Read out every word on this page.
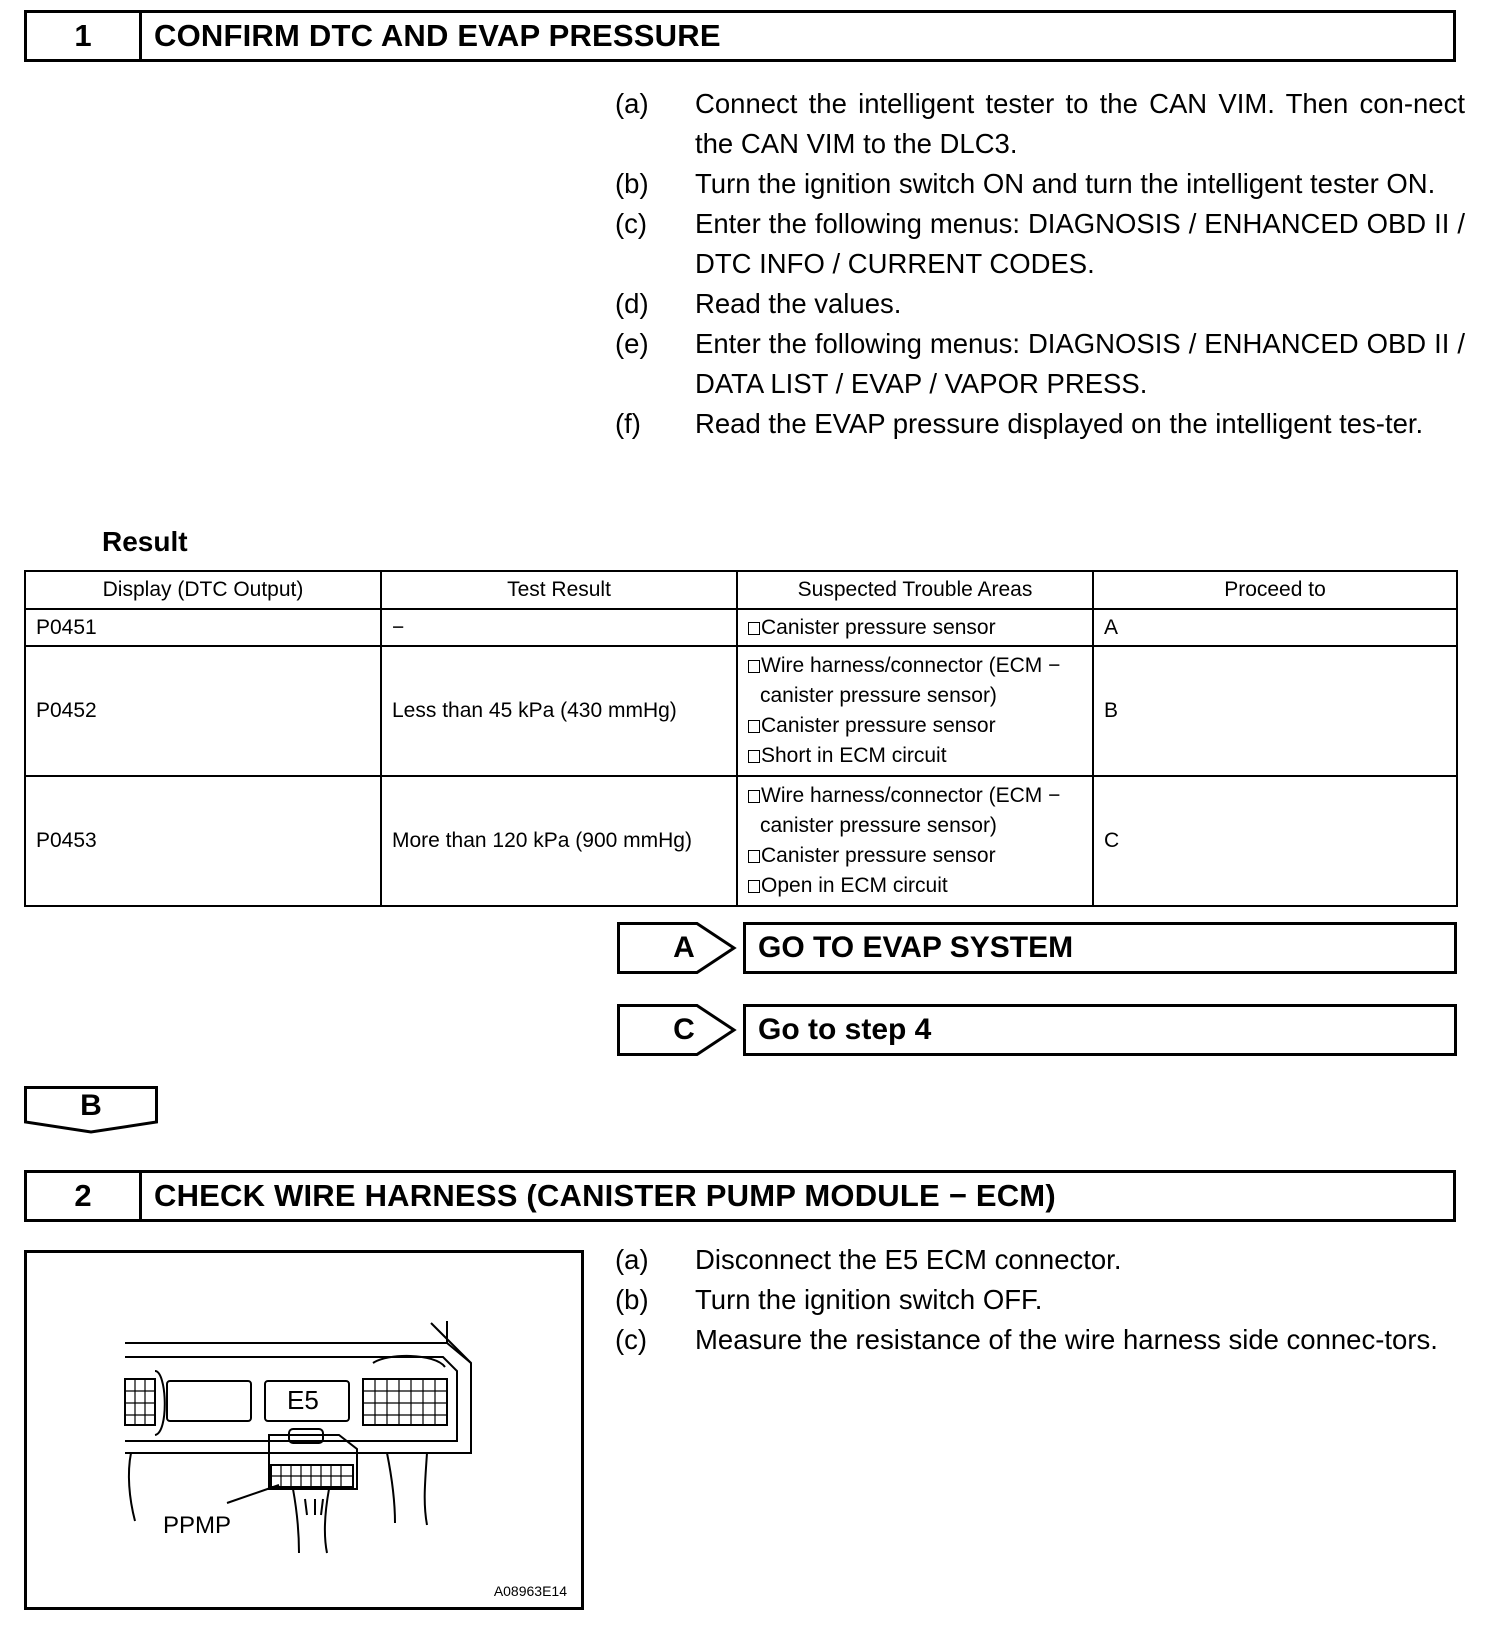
1	CONFIRM DTC AND EVAP PRESSURE
(a)	Connect the intelligent tester to the CAN VIM. Then con-nect the CAN VIM to the DLC3.
(b)	Turn the ignition switch ON and turn the intelligent tester ON.
(c)	Enter the following menus: DIAGNOSIS / ENHANCED OBD II / DTC INFO / CURRENT CODES.
(d)	Read the values.
(e)	Enter the following menus: DIAGNOSIS / ENHANCED OBD II / DATA LIST / EVAP / VAPOR PRESS.
(f)	Read the EVAP pressure displayed on the intelligent tes-ter.
Result
Display (DTC Output)	Test Result	Suspected Trouble Areas	Proceed to
P0451	−	Canister pressure sensor	A
P0452	Less than 45 kPa (430 mmHg)	Wire harness/connector (ECM −
canister pressure sensor)
Canister pressure sensor
Short in ECM circuit	B
P0453	More than 120 kPa (900 mmHg)	Wire harness/connector (ECM −
canister pressure sensor)
Canister pressure sensor
Open in ECM circuit	C
A	GO TO EVAP SYSTEM
C	Go to step 4
B
2	CHECK WIRE HARNESS (CANISTER PUMP MODULE − ECM)
E5
PPMP
A08963E14
(a)	Disconnect the E5 ECM connector.
(b)	Turn the ignition switch OFF.
(c)	Measure the resistance of the wire harness side connec-tors.
